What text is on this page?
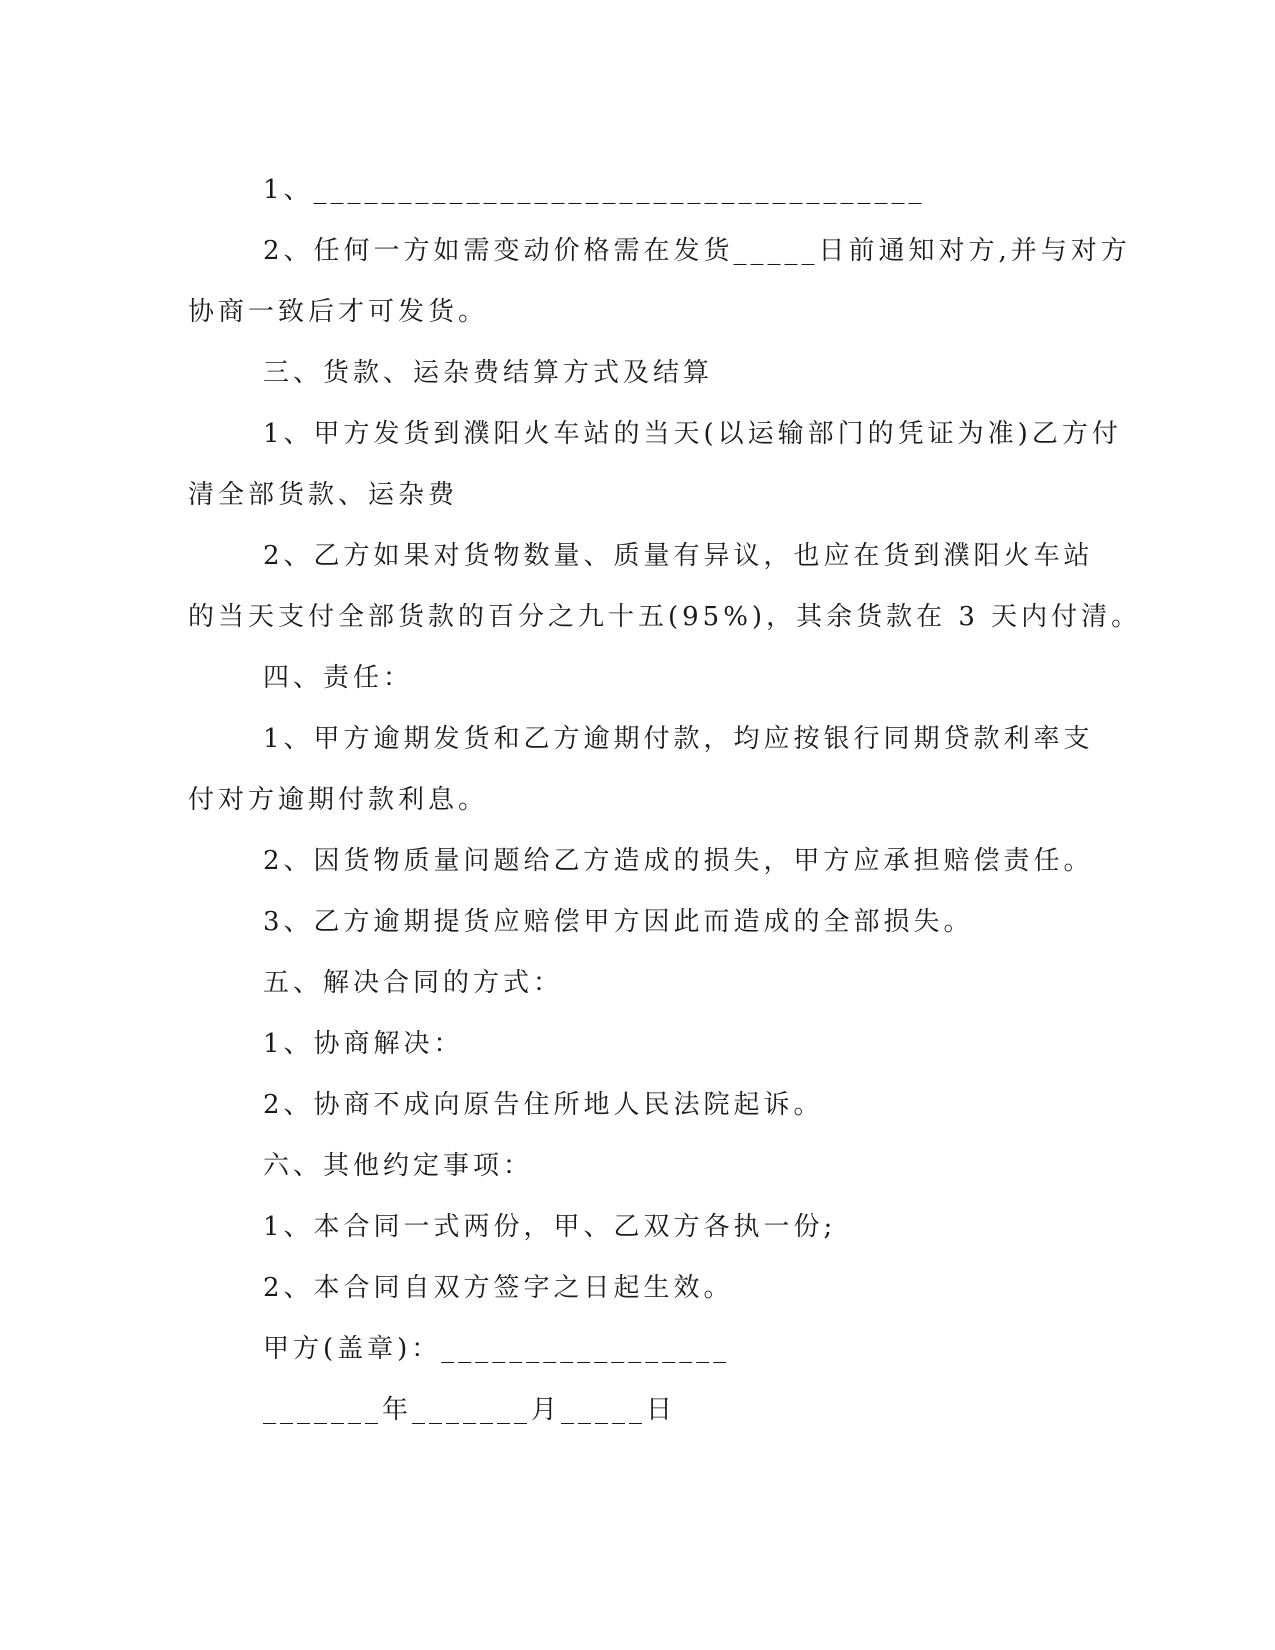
1、____________________________________
2、任何一方如需变动价格需在发货_____日前通知对方,并与对方
协商一致后才可发货。
三、货款、运杂费结算方式及结算
1、甲方发货到濮阳火车站的当天(以运输部门的凭证为准)乙方付
清全部货款、运杂费
2、乙方如果对货物数量、质量有异议，也应在货到濮阳火车站
的当天支付全部货款的百分之九十五(95%)，其余货款在 3 天内付清。
四、责任：
1、甲方逾期发货和乙方逾期付款，均应按银行同期贷款利率支
付对方逾期付款利息。
2、因货物质量问题给乙方造成的损失，甲方应承担赔偿责任。
3、乙方逾期提货应赔偿甲方因此而造成的全部损失。
五、解决合同的方式：
1、协商解决：
2、协商不成向原告住所地人民法院起诉。
六、其他约定事项：
1、本合同一式两份，甲、乙双方各执一份;
2、本合同自双方签字之日起生效。
甲方(盖章)：_________________
_______年_______月_____日
